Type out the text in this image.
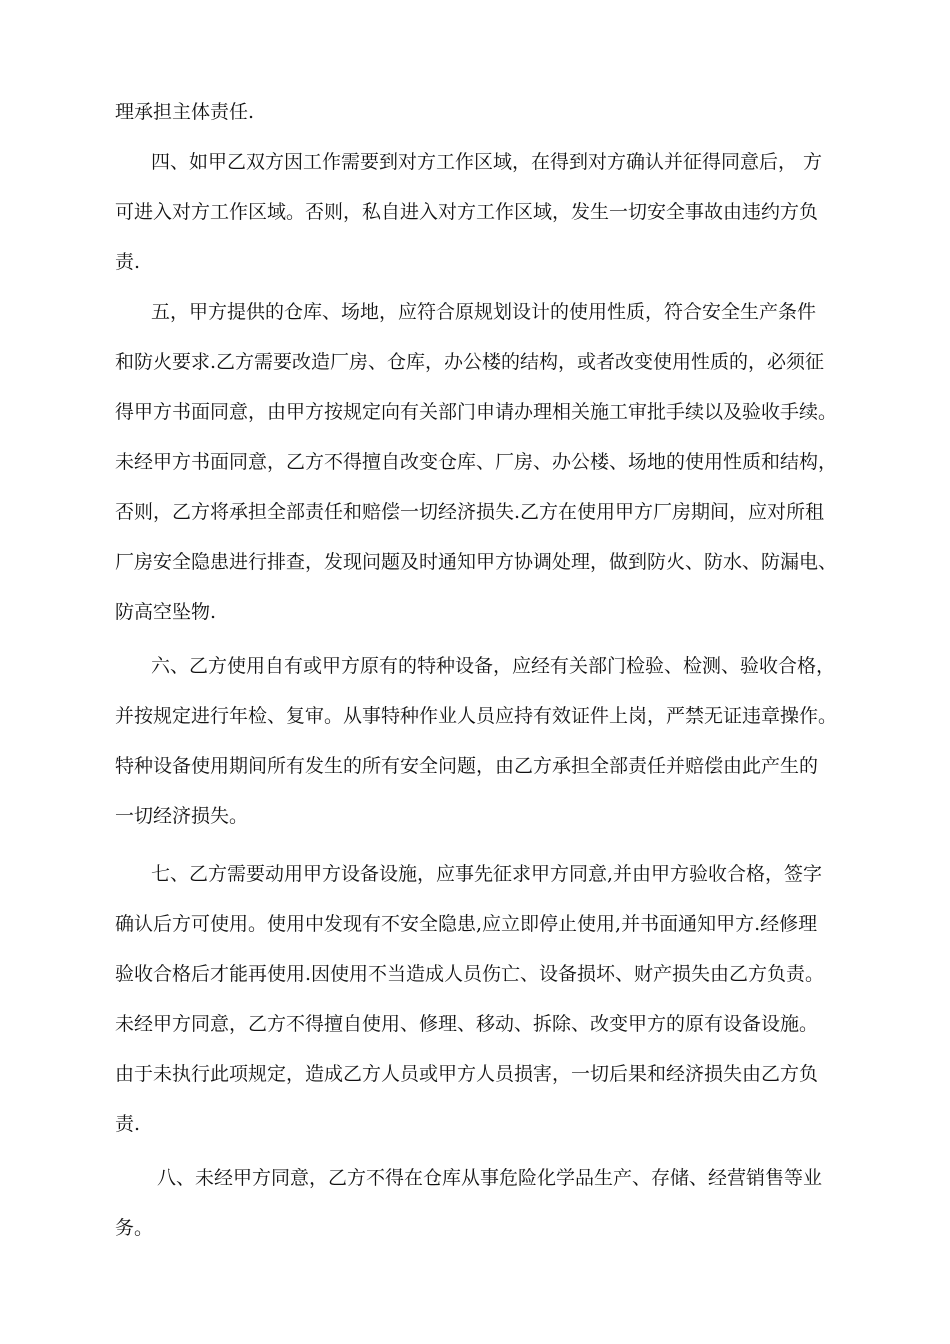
理承担主体责任.
四、如甲乙双方因工作需要到对方工作区域，在得到对方确认并征得同意后， 方
可进入对方工作区域。否则，私自进入对方工作区域，发生一切安全事故由违约方负
责.
五，甲方提供的仓库、场地，应符合原规划设计的使用性质，符合安全生产条件
和防火要求.乙方需要改造厂房、仓库，办公楼的结构，或者改变使用性质的，必须征
得甲方书面同意，由甲方按规定向有关部门申请办理相关施工审批手续以及验收手续。
未经甲方书面同意，乙方不得擅自改变仓库、厂房、办公楼、场地的使用性质和结构，
否则，乙方将承担全部责任和赔偿一切经济损失.乙方在使用甲方厂房期间，应对所租
厂房安全隐患进行排查，发现问题及时通知甲方协调处理，做到防火、防水、防漏电、
防高空坠物.
六、乙方使用自有或甲方原有的特种设备，应经有关部门检验、检测、验收合格，
并按规定进行年检、复审。从事特种作业人员应持有效证件上岗，严禁无证违章操作。
特种设备使用期间所有发生的所有安全问题，由乙方承担全部责任并赔偿由此产生的
一切经济损失。
七、乙方需要动用甲方设备设施，应事先征求甲方同意,并由甲方验收合格，签字
确认后方可使用。使用中发现有不安全隐患,应立即停止使用,并书面通知甲方.经修理
验收合格后才能再使用.因使用不当造成人员伤亡、设备损坏、财产损失由乙方负责。
未经甲方同意，乙方不得擅自使用、修理、移动、拆除、改变甲方的原有设备设施。
由于未执行此项规定，造成乙方人员或甲方人员损害，一切后果和经济损失由乙方负
责.
八、未经甲方同意，乙方不得在仓库从事危险化学品生产、存储、经营销售等业
务。
